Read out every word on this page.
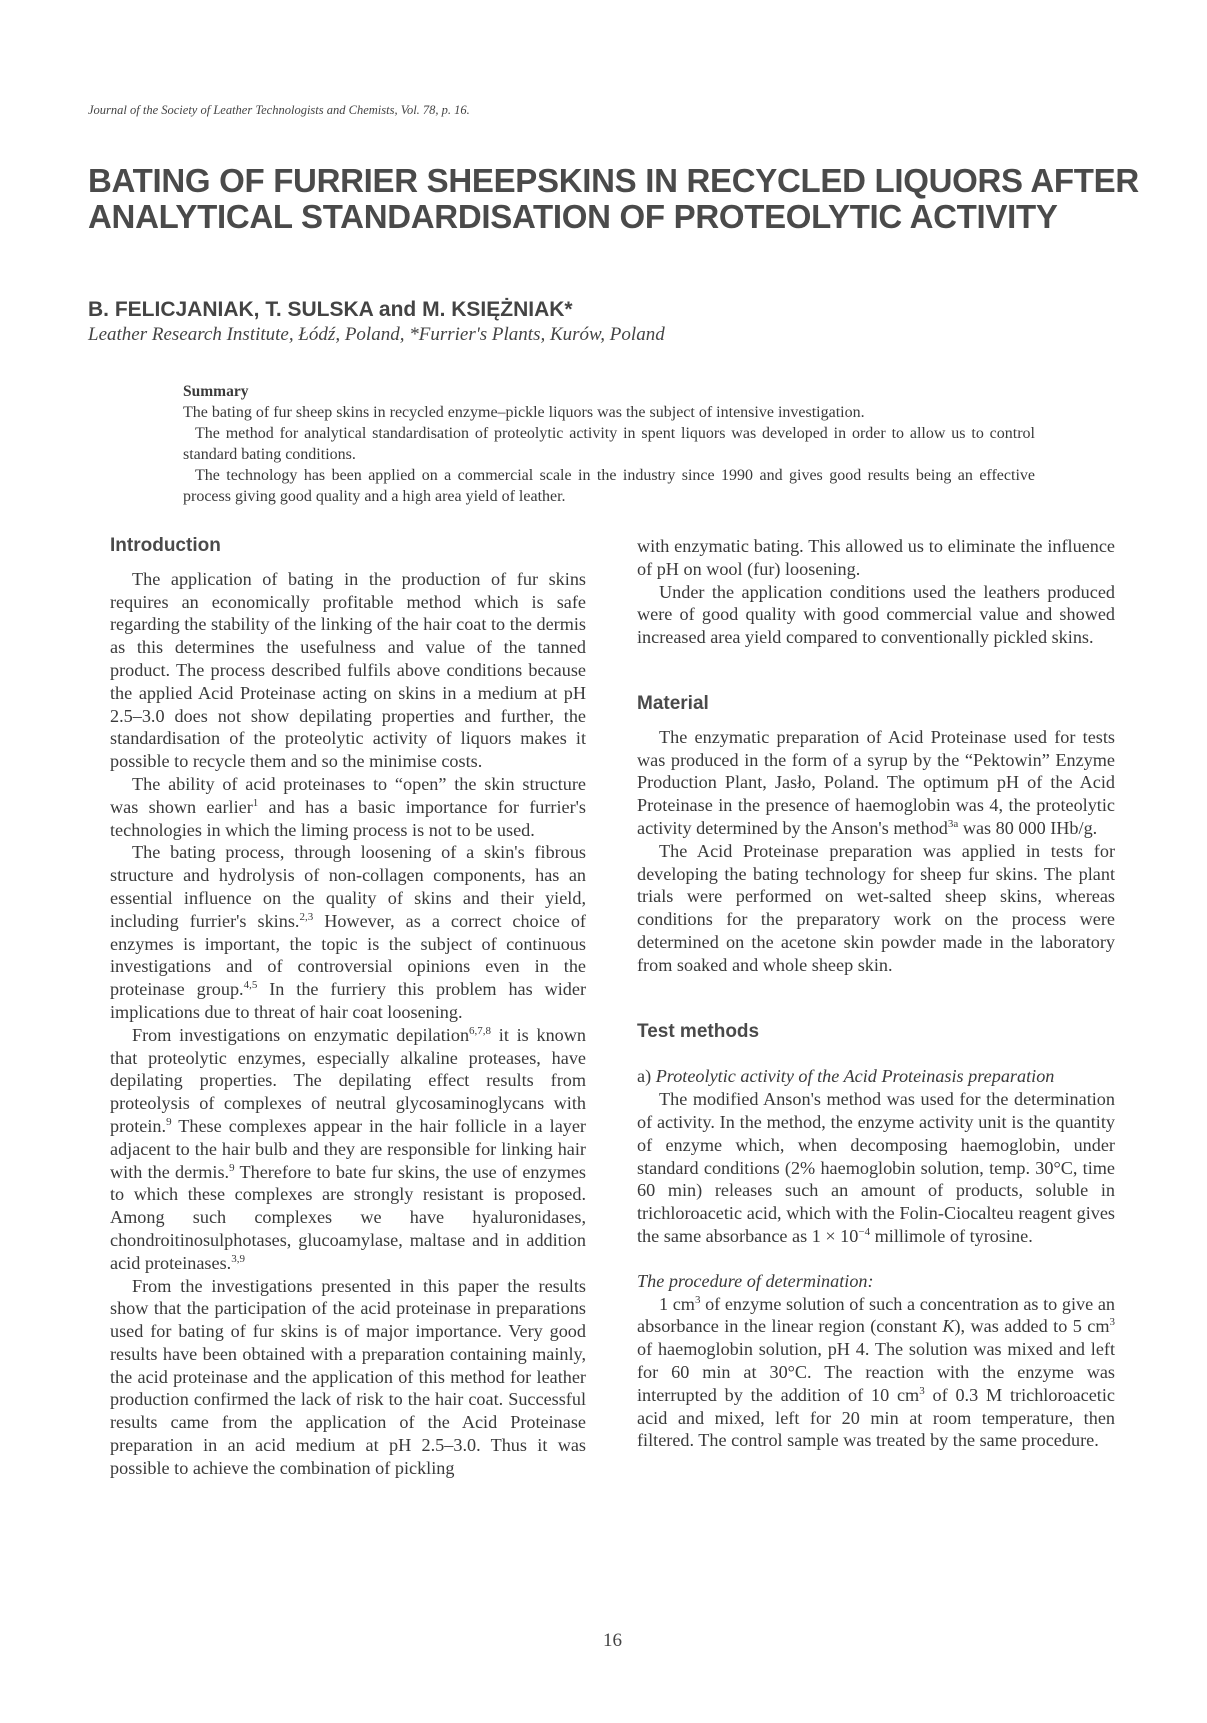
Journal of the Society of Leather Technologists and Chemists, Vol. 78, p. 16.
BATING OF FURRIER SHEEPSKINS IN RECYCLED LIQUORS AFTER ANALYTICAL STANDARDISATION OF PROTEOLYTIC ACTIVITY
B. FELICJANIAK, T. SULSKA and M. KSIĘŻNIAK*
Leather Research Institute, Łódź, Poland, *Furrier's Plants, Kurów, Poland
Summary

The bating of fur sheep skins in recycled enzyme–pickle liquors was the subject of intensive investigation.

The method for analytical standardisation of proteolytic activity in spent liquors was developed in order to allow us to control standard bating conditions.

The technology has been applied on a commercial scale in the industry since 1990 and gives good results being an effective process giving good quality and a high area yield of leather.

Introduction

The application of bating in the production of fur skins requires an economically profitable method which is safe regarding the stability of the linking of the hair coat to the dermis as this determines the usefulness and value of the tanned product. The process described fulfils above conditions because the applied Acid Proteinase acting on skins in a medium at pH 2.5–3.0 does not show depilating properties and further, the standardisation of the proteolytic activity of liquors makes it possible to recycle them and so the minimise costs.

The ability of acid proteinases to “open” the skin structure was shown earlier$^1$ and has a basic importance for furrier's technologies in which the liming process is not to be used.

The bating process, through loosening of a skin's fibrous structure and hydrolysis of non-collagen components, has an essential influence on the quality of skins and their yield, including furrier's skins.$^{2,3}$ However, as a correct choice of enzymes is important, the topic is the subject of continuous investigations and of controversial opinions even in the proteinase group.$^{4,5}$ In the furriery this problem has wider implications due to threat of hair coat loosening.

From investigations on enzymatic depilation$^{6,7,8}$ it is known that proteolytic enzymes, especially alkaline proteases, have depilating properties. The depilating effect results from proteolysis of complexes of neutral glycosaminoglycans with protein.$^9$ These complexes appear in the hair follicle in a layer adjacent to the hair bulb and they are responsible for linking hair with the dermis.$^9$ Therefore to bate fur skins, the use of enzymes to which these complexes are strongly resistant is proposed. Among such complexes we have hyaluronidases, chondroitinosulphotases, glucoamylase, maltase and in addition acid proteinases.$^{3,9}$

From the investigations presented in this paper the results show that the participation of the acid proteinase in preparations used for bating of fur skins is of major importance. Very good results have been obtained with a preparation containing mainly, the acid proteinase and the application of this method for leather production confirmed the lack of risk to the hair coat. Successful results came from the application of the Acid Proteinase preparation in an acid medium at pH 2.5–3.0. Thus it was possible to achieve the combination of pickling

with enzymatic bating. This allowed us to eliminate the influence of pH on wool (fur) loosening.

Under the application conditions used the leathers produced were of good quality with good commercial value and showed increased area yield compared to conventionally pickled skins.

Material

The enzymatic preparation of Acid Proteinase used for tests was produced in the form of a syrup by the “Pektowin” Enzyme Production Plant, Jasło, Poland. The optimum pH of the Acid Proteinase in the presence of haemoglobin was 4, the proteolytic activity determined by the Anson's method$^{3a}$ was 80 000 IHb/g.

The Acid Proteinase preparation was applied in tests for developing the bating technology for sheep fur skins. The plant trials were performed on wet-salted sheep skins, whereas conditions for the preparatory work on the process were determined on the acetone skin powder made in the laboratory from soaked and whole sheep skin.

Test methods

a) Proteolytic activity of the Acid Proteinasis preparation

The modified Anson's method was used for the determination of activity. In the method, the enzyme activity unit is the quantity of enzyme which, when decomposing haemoglobin, under standard conditions (2% haemoglobin solution, temp. 30°C, time 60 min) releases such an amount of products, soluble in trichloroacetic acid, which with the Folin-Ciocalteu reagent gives the same absorbance as $1 \times 10^{-4}$ millimole of tyrosine.

The procedure of determination:

1 $cm^3$ of enzyme solution of such a concentration as to give an absorbance in the linear region (constant K), was added to 5 $cm^3$ of haemoglobin solution, pH 4. The solution was mixed and left for 60 min at 30°C. The reaction with the enzyme was interrupted by the addition of 10 $cm^3$ of 0.3 M trichloroacetic acid and mixed, left for 20 min at room temperature, then filtered. The control sample was treated by the same procedure.

16
